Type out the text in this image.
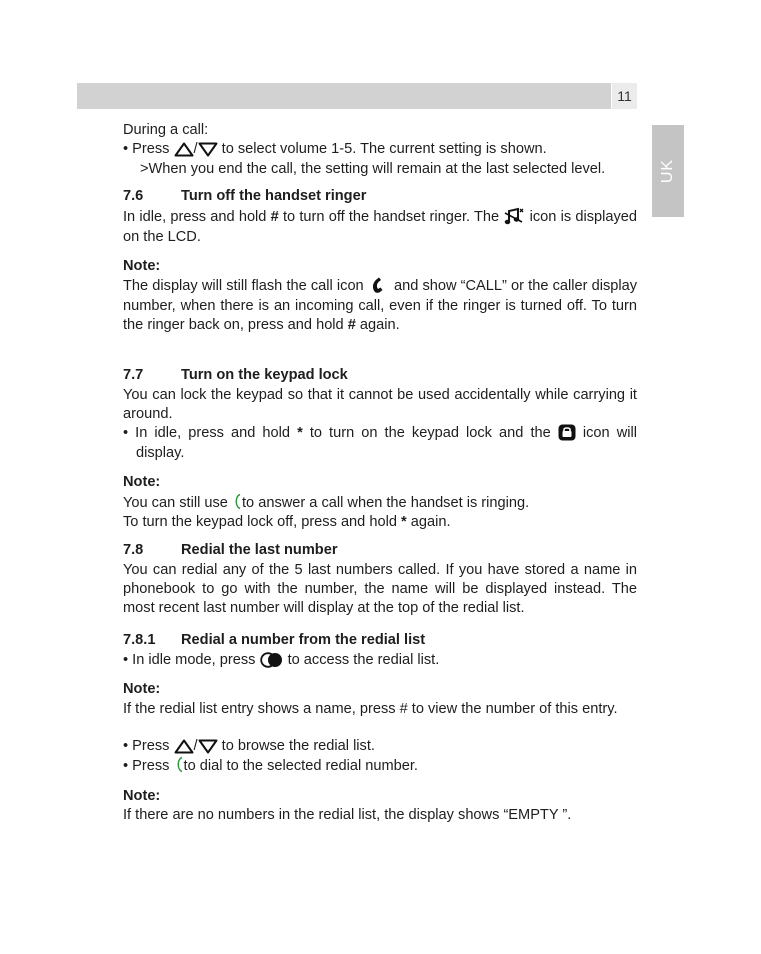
11
UK

During a call:

• Press
/
to select volume 1-5. The current setting is shown.

>When you end the call, the setting will remain at the last selected level.

7.6	Turn off the handset ringer

In idle, press and hold # to turn off the handset ringer. The
icon is displayed on the LCD.

Note:

The display will still flash the call icon
and show “CALL” or the caller display number, when there is an incoming call, even if the ringer is turned off. To turn the ringer back on, press and hold # again.

7.7	Turn on the keypad lock

You can lock the keypad so that it cannot be used accidentally while carrying it around.

• In idle, press and hold * to turn on the keypad lock and the
icon will display.

Note:

You can still use
to answer a call when the handset is ringing.

To turn the keypad lock off, press and hold * again.

7.8	Redial the last number

You can redial any of the 5 last numbers called. If you have stored a name in phonebook to go with the number, the name will be displayed instead. The most recent last number will display at the top of the redial list.

7.8.1	Redial a number from the redial list

• In idle mode, press
to access the redial list.

Note:

If the redial list entry shows a name, press # to view the number of this entry.

• Press
/
to browse the redial list.

• Press
to dial to the selected redial number.

Note:

If there are no numbers in the redial list, the display shows “EMPTY ”.
